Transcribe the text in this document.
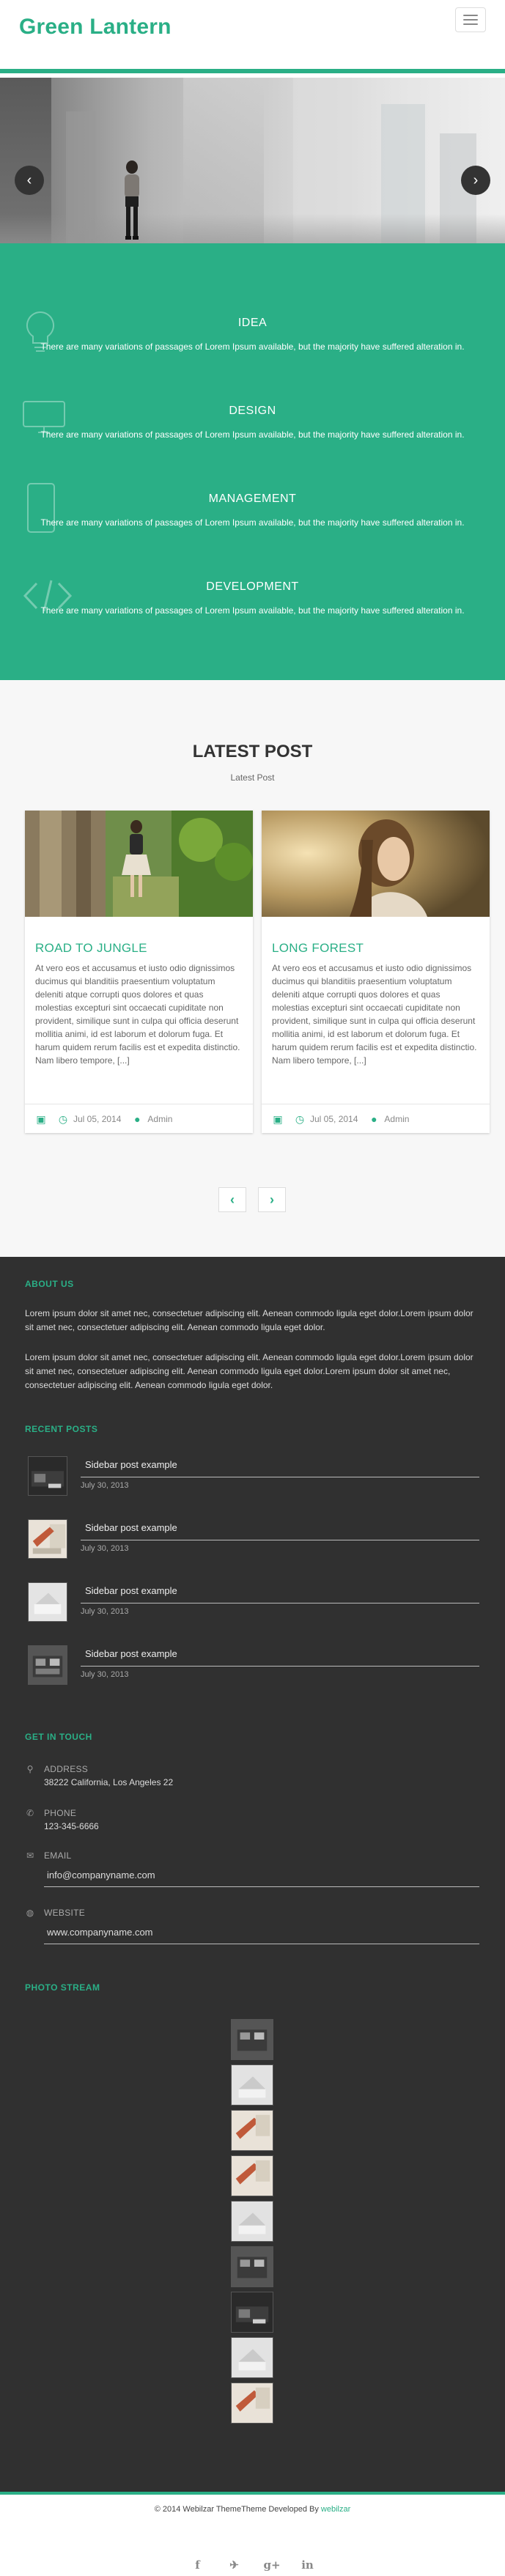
Green Lantern
‹	›
IDEA
There are many variations of passages of Lorem Ipsum available, but the majority have suffered alteration in.
DESIGN
There are many variations of passages of Lorem Ipsum available, but the majority have suffered alteration in.
MANAGEMENT
There are many variations of passages of Lorem Ipsum available, but the majority have suffered alteration in.
DEVELOPMENT
There are many variations of passages of Lorem Ipsum available, but the majority have suffered alteration in.
LATEST POST
Latest Post
ROAD TO JUNGLE
At vero eos et accusamus et iusto odio dignissimos ducimus qui blanditiis praesentium voluptatum deleniti atque corrupti quos dolores et quas molestias excepturi sint occaecati cupiditate non provident, similique sunt in culpa qui officia deserunt mollitia animi, id est laborum et dolorum fuga. Et harum quidem rerum facilis est et expedita distinctio. Nam libero tempore, [...]
▣ ◷ Jul 05, 2014 ● Admin
LONG FOREST
At vero eos et accusamus et iusto odio dignissimos ducimus qui blanditiis praesentium voluptatum deleniti atque corrupti quos dolores et quas molestias excepturi sint occaecati cupiditate non provident, similique sunt in culpa qui officia deserunt mollitia animi, id est laborum et dolorum fuga. Et harum quidem rerum facilis est et expedita distinctio. Nam libero tempore, [...]
▣ ◷ Jul 05, 2014 ● Admin
‹	›
ABOUT US
Lorem ipsum dolor sit amet nec, consectetuer adipiscing elit. Aenean commodo ligula eget dolor.Lorem ipsum dolor sit amet nec, consectetuer adipiscing elit. Aenean commodo ligula eget dolor.
Lorem ipsum dolor sit amet nec, consectetuer adipiscing elit. Aenean commodo ligula eget dolor.Lorem ipsum dolor sit amet nec, consectetuer adipiscing elit. Aenean commodo ligula eget dolor.Lorem ipsum dolor sit amet nec, consectetuer adipiscing elit. Aenean commodo ligula eget dolor.
RECENT POSTS
Sidebar post example
July 30, 2013
Sidebar post example
July 30, 2013
Sidebar post example
July 30, 2013
Sidebar post example
July 30, 2013
GET IN TOUCH
⚲ ADDRESS
38222 California, Los Angeles 22
✆ PHONE
123-345-6666
✉ EMAIL
info@companyname.com
◍ WEBSITE
www.companyname.com
PHOTO STREAM
© 2014 Webilzar ThemeTheme Developed By webilzar
f	✈ g+ in
